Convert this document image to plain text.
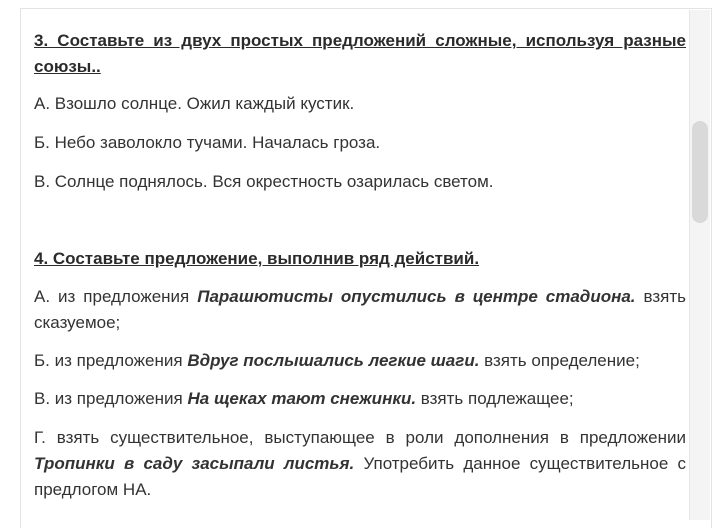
3. Составьте из двух простых предложений сложные, используя разные союзы..

А. Взошло солнце. Ожил каждый кустик.

Б. Небо заволокло тучами. Началась гроза.

В. Солнце поднялось. Вся окрестность озарилась светом.

4. Составьте предложение, выполнив ряд действий.

А. из предложения Парашютисты опустились в центре стадиона. взять сказуемое;

Б. из предложения Вдруг послышались легкие шаги. взять определение;

В. из предложения На щеках тают снежинки. взять подлежащее;

Г. взять существительное, выступающее в роли дополнения в предложении Тропинки в саду засыпали листья. Употребить данное существительное с предлогом НА.
